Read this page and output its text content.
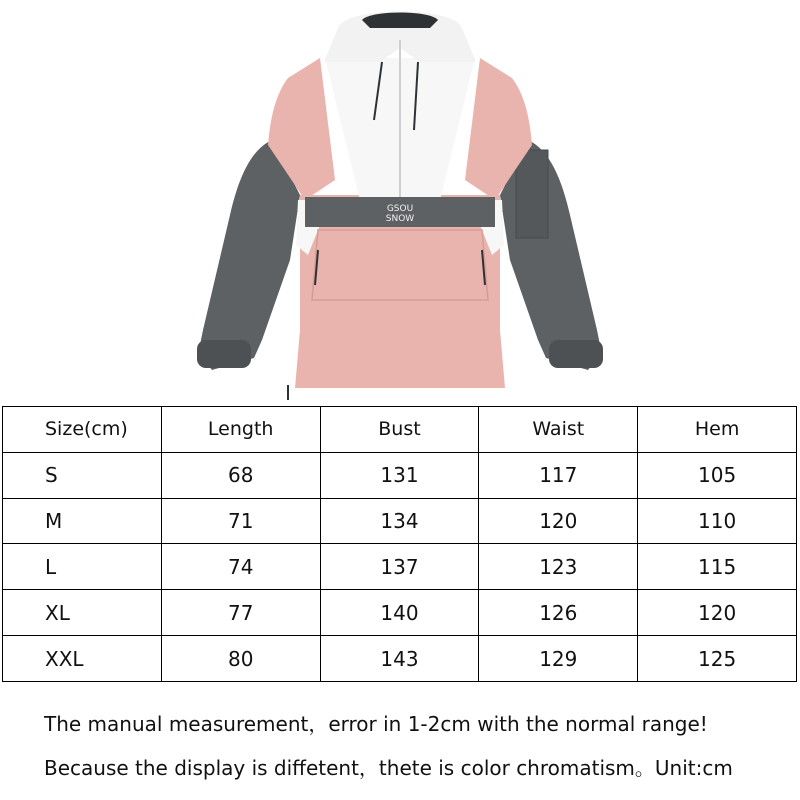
GSOU
SNOW
Size(cm)	Length	Bust	Waist	Hem
S	68	131	117	105
M	71	134	120	110
L	74	137	123	115
XL	77	140	126	120
XXL	80	143	129	125
The manual measurement，error in 1-2cm with the normal range!
Because the display is diffetent，thete is color chromatism。Unit:cm
